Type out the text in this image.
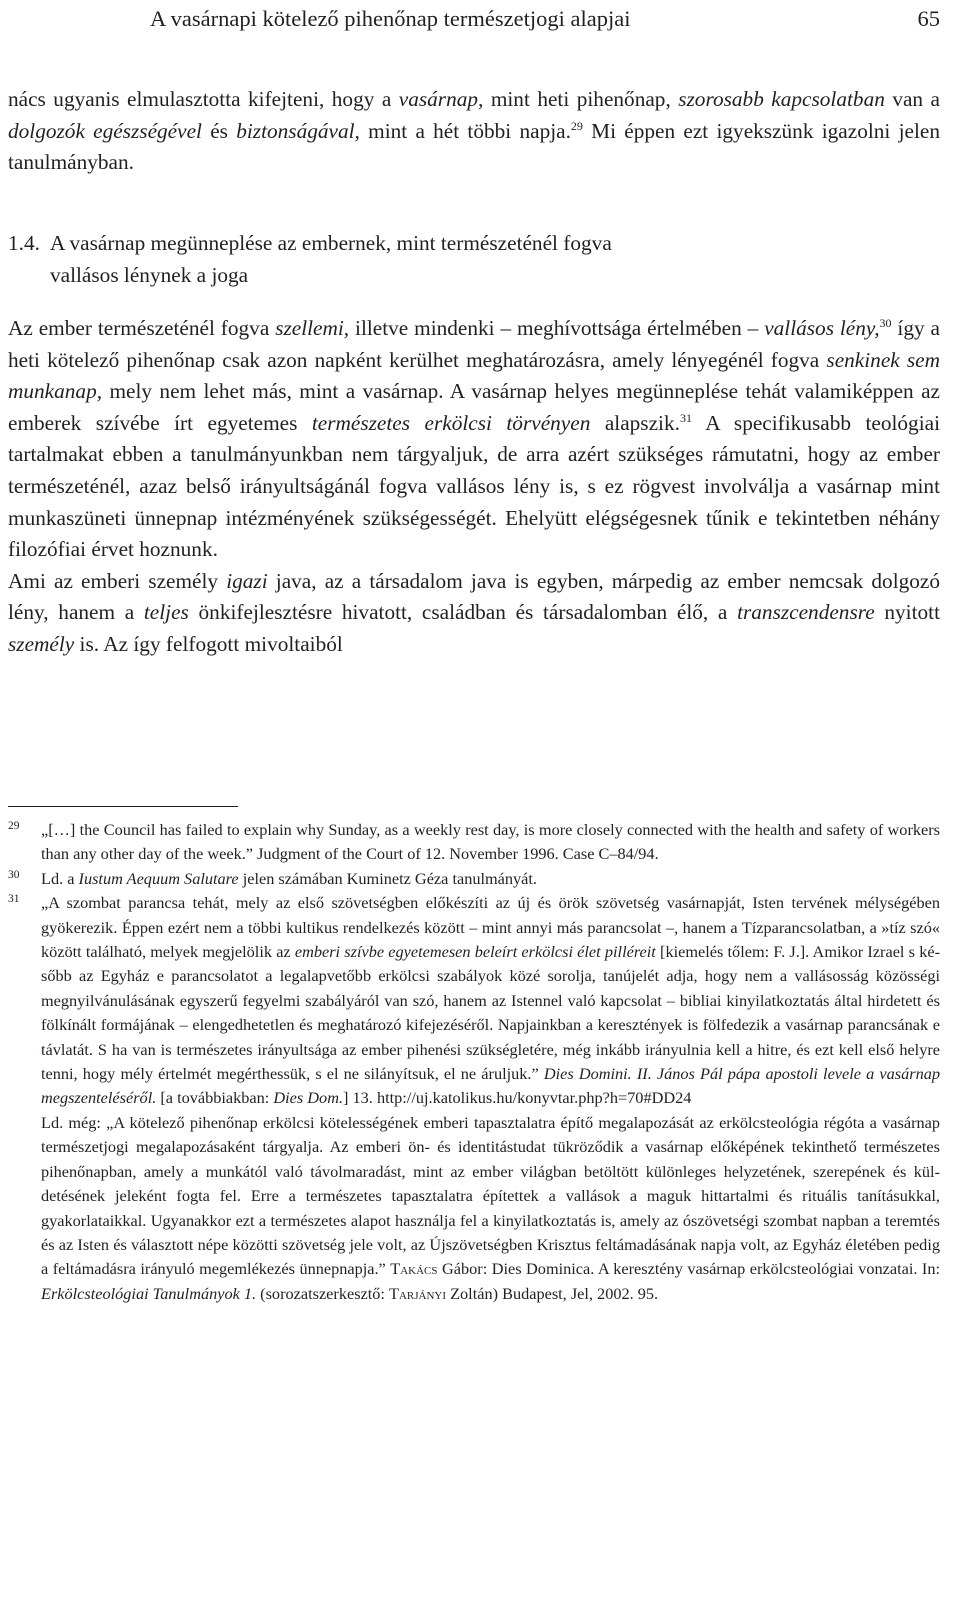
A vasárnapi kötelező pihenőnap természetjogi alapjai	65

nács ugyanis elmulasztotta kifejteni, hogy a vasárnap, mint heti pihenőnap, szorosabb kapcsolatban van a dolgozók egészségével és biztonságával, mint a hét többi napja.$^{29}$ Mi éppen ezt igyekszünk igazolni jelen tanulmányban.

1.4. A vasárnap megünneplése az embernek, mint természeténél fogva
vallásos lénynek a joga

Az ember természeténél fogva szellemi, illetve mindenki – meghívottsága értelmében – vallásos lény,$^{30}$ így a heti kötelező pihenőnap csak azon napként kerülhet meghatározásra, amely lényegénél fogva senkinek sem munkanap, mely nem lehet más, mint a vasárnap. A vasárnap helyes megünneplése tehát valamiképpen az emberek szívébe írt egyetemes természetes erkölcsi törvényen alapszik.$^{31}$ A specifikusabb teológiai tartalmakat ebben a tanulmányunkban nem tárgyaljuk, de arra azért szükséges rámutatni, hogy az ember természeténél, azaz belső irányultságánál fogva vallásos lény is, s ez rögvest involválja a vasárnap mint munkaszüneti ünnepnap intézményének szükségességét. Ehelyütt elégségesnek tűnik e tekintetben néhány filozófiai érvet hoznunk.

Ami az emberi személy igazi java, az a társadalom java is egyben, márpedig az ember nemcsak dolgozó lény, hanem a teljes önkifejlesztésre hivatott, családban és társadalomban élő, a transzcendensre nyitott személy is. Az így felfogott mivoltaiból

29 „[…] the Council has failed to explain why Sunday, as a weekly rest day, is more closely connected with the health and safety of workers than any other day of the week.” Judgment of the Court of 12. November 1996. Case C–84/94.

30 Ld. a Iustum Aequum Salutare jelen számában Kuminetz Géza tanulmányát.

31 „A szombat parancsa tehát, mely az első szövetségben előkészíti az új és örök szövetség vasárnapját, Isten tervének mélységében gyökerezik. Éppen ezért nem a többi kultikus rendelkezés között – mint annyi más parancsolat –, hanem a Tízparancsolatban, a »tíz szó« között található, melyek megjelölik az emberi szívbe egyetemesen beleírt erkölcsi élet pilléreit [kiemelés tőlem: F. J.]. Amikor Izrael s később az Egyház e parancsolatot a legalapvetőbb erkölcsi szabályok közé sorolja, tanújelét adja, hogy nem a vallásosság közösségi megnyilvánulásának egyszerű fegyelmi szabályáról van szó, hanem az Istennel való kapcsolat – bibliai kinyilatkoztatás által hirdetett és fölkínált formájának – elengedhetetlen és meghatározó kifejezéséről. Napjainkban a keresztények is fölfedezik a vasárnap parancsának e távlatát. S ha van is természetes irányultsága az ember pihenési szükségletére, még inkább irányulnia kell a hitre, és ezt kell első helyre tenni, hogy mély értelmét megérthessük, s el ne silányítsuk, el ne áruljuk.” Dies Domini. II. János Pál pápa apostoli levele a vasárnap megszenteléséről. [a továbbiakban: Dies Dom.] 13. http://uj.katolikus.hu/konyvtar.php?h=70#DD24

Ld. még: „A kötelező pihenőnap erkölcsi kötelességének emberi tapasztalatra építő megalapozását az erkölcsteológia régóta a vasárnap természetjogi megalapozásaként tárgyalja. Az emberi ön- és identitástudat tükröződik a vasárnap előképének tekinthető természetes pihenőnapban, amely a munkától való távolmaradást, mint az ember világban betöltött különleges helyzetének, szerepének és küldetésének jeleként fogta fel. Erre a természetes tapasztalatra építettek a vallások a maguk hittartalmi és rituális tanításukkal, gyakorlataikkal. Ugyanakkor ezt a természetes alapot használja fel a kinyilatkoztatás is, amely az ószövetségi szombat napban a teremtés és az Isten és választott népe közötti szövetség jele volt, az Újszövetségben Krisztus feltámadásának napja volt, az Egyház életében pedig a feltámadásra irányuló megemlékezés ünnepnapja.” Takács Gábor: Dies Dominica. A keresztény vasárnap erkölcsteológiai vonzatai. In: Erkölcsteológiai Tanulmányok 1. (sorozatszerkesztő: Tarjányi Zoltán) Budapest, Jel, 2002. 95.
